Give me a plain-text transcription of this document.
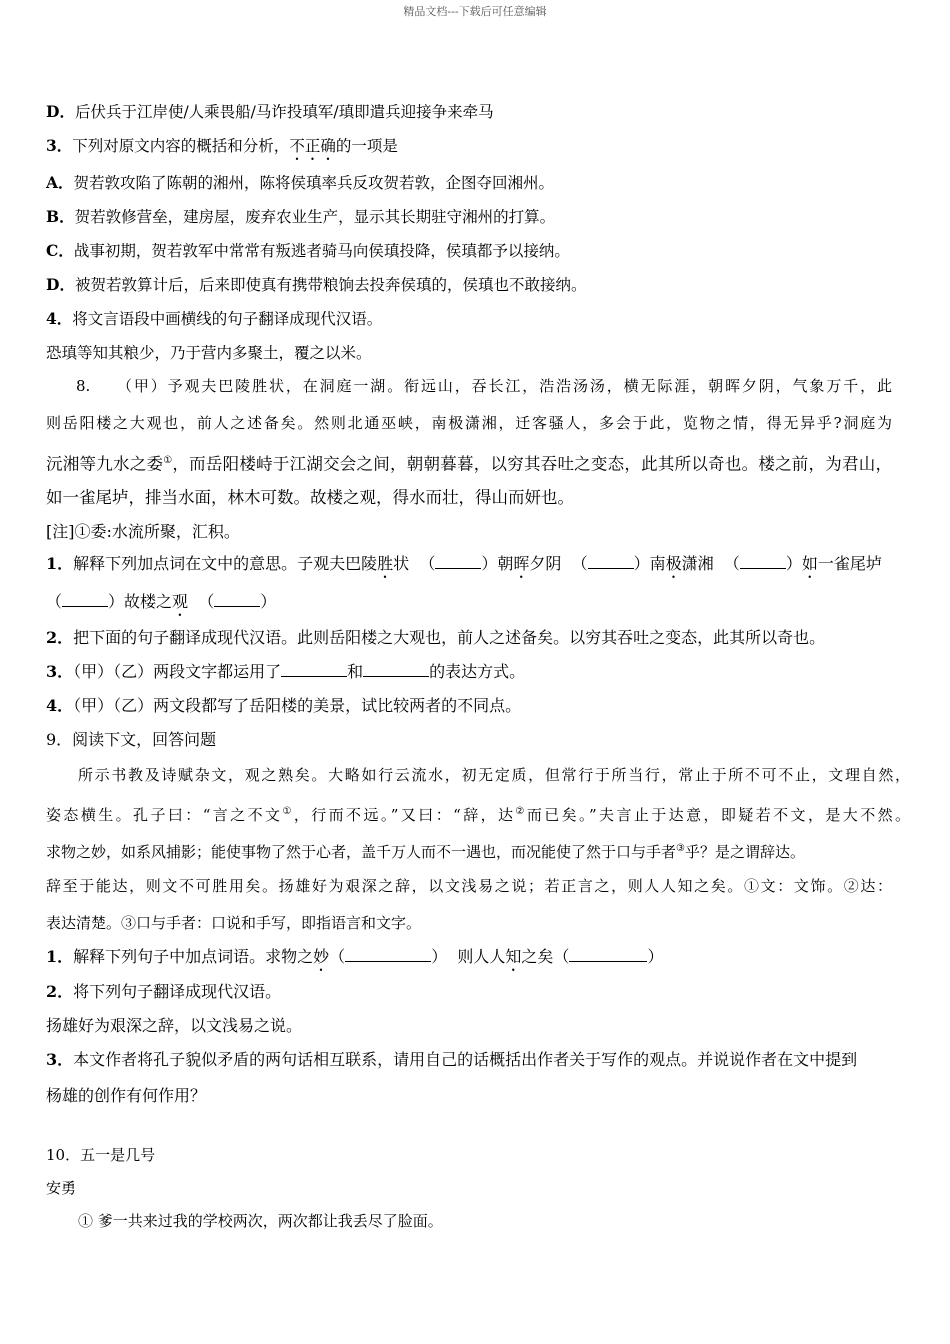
精品文档---下载后可任意编辑
D．后伏兵于江岸使/人乘畏船/马诈投瑱军/瑱即遣兵迎接争来牵马
3．下列对原文内容的概括和分析，不正确的一项是
A．贺若敦攻陷了陈朝的湘州，陈将侯瑱率兵反攻贺若敦，企图夺回湘州。
B．贺若敦修营垒，建房屋，废弃农业生产，显示其长期驻守湘州的打算。
C．战事初期，贺若敦军中常常有叛逃者骑马向侯瑱投降，侯瑱都予以接纳。
D．被贺若敦算计后，后来即使真有携带粮饷去投奔侯瑱的，侯瑱也不敢接纳。
4．将文言语段中画横线的句子翻译成现代汉语。
恐瑱等知其粮少，乃于营内多聚土，覆之以米。
8. （甲）予观夫巴陵胜状，在洞庭一湖。衔远山，吞长江，浩浩汤汤，横无际涯，朝晖夕阴，气象万千，此
则岳阳楼之大观也，前人之述备矣。然则北通巫峡，南极潇湘，迁客骚人，多会于此，览物之情，得无异乎?洞庭为
沅湘等九水之委①，而岳阳楼峙于江湖交会之间，朝朝暮暮，以穷其吞吐之变态，此其所以奇也。楼之前，为君山，
如一雀尾垆，排当水面，林木可数。故楼之观，得水而壮，得山而妍也。
[注]①委:水流所聚，汇积。
1．解释下列加点词在文中的意思。子观夫巴陵胜状  （	）朝晖夕阴  （	）南极潇湘  （	）如一雀尾垆
（	）故楼之观  （	）
2．把下面的句子翻译成现代汉语。此则岳阳楼之大观也，前人之述备矣。以穷其吞吐之变态，此其所以奇也。
3．（甲）（乙）两段文字都运用了	和	的表达方式。
4．（甲）（乙）两文段都写了岳阳楼的美景，试比较两者的不同点。
9．阅读下文，回答问题
所示书教及诗赋杂文，观之熟矣。大略如行云流水，初无定质，但常行于所当行，常止于所不可不止，文理自然，
姿态横生。孔子曰：“言之不文①，行而不远。”又曰：“辞，达②而已矣。”夫言止于达意，即疑若不文，是大不然。
求物之妙，如系风捕影；能使事物了然于心者，盖千万人而不一遇也，而况能使了然于口与手者③乎？是之谓辞达。
辞至于能达，则文不可胜用矣。扬雄好为艰深之辞，以文浅易之说；若正言之，则人人知之矣。①文：文饰。②达：
表达清楚。③口与手者：口说和手写，即指语言和文字。
1．解释下列句子中加点词语。求物之妙（	）  则人人知之矣（	）
2．将下列句子翻译成现代汉语。
扬雄好为艰深之辞，以文浅易之说。
3．本文作者将孔子貌似矛盾的两句话相互联系，请用自己的话概括出作者关于写作的观点。并说说作者在文中提到
杨雄的创作有何作用？
10．五一是几号
安勇
① 爹一共来过我的学校两次，两次都让我丢尽了脸面。
